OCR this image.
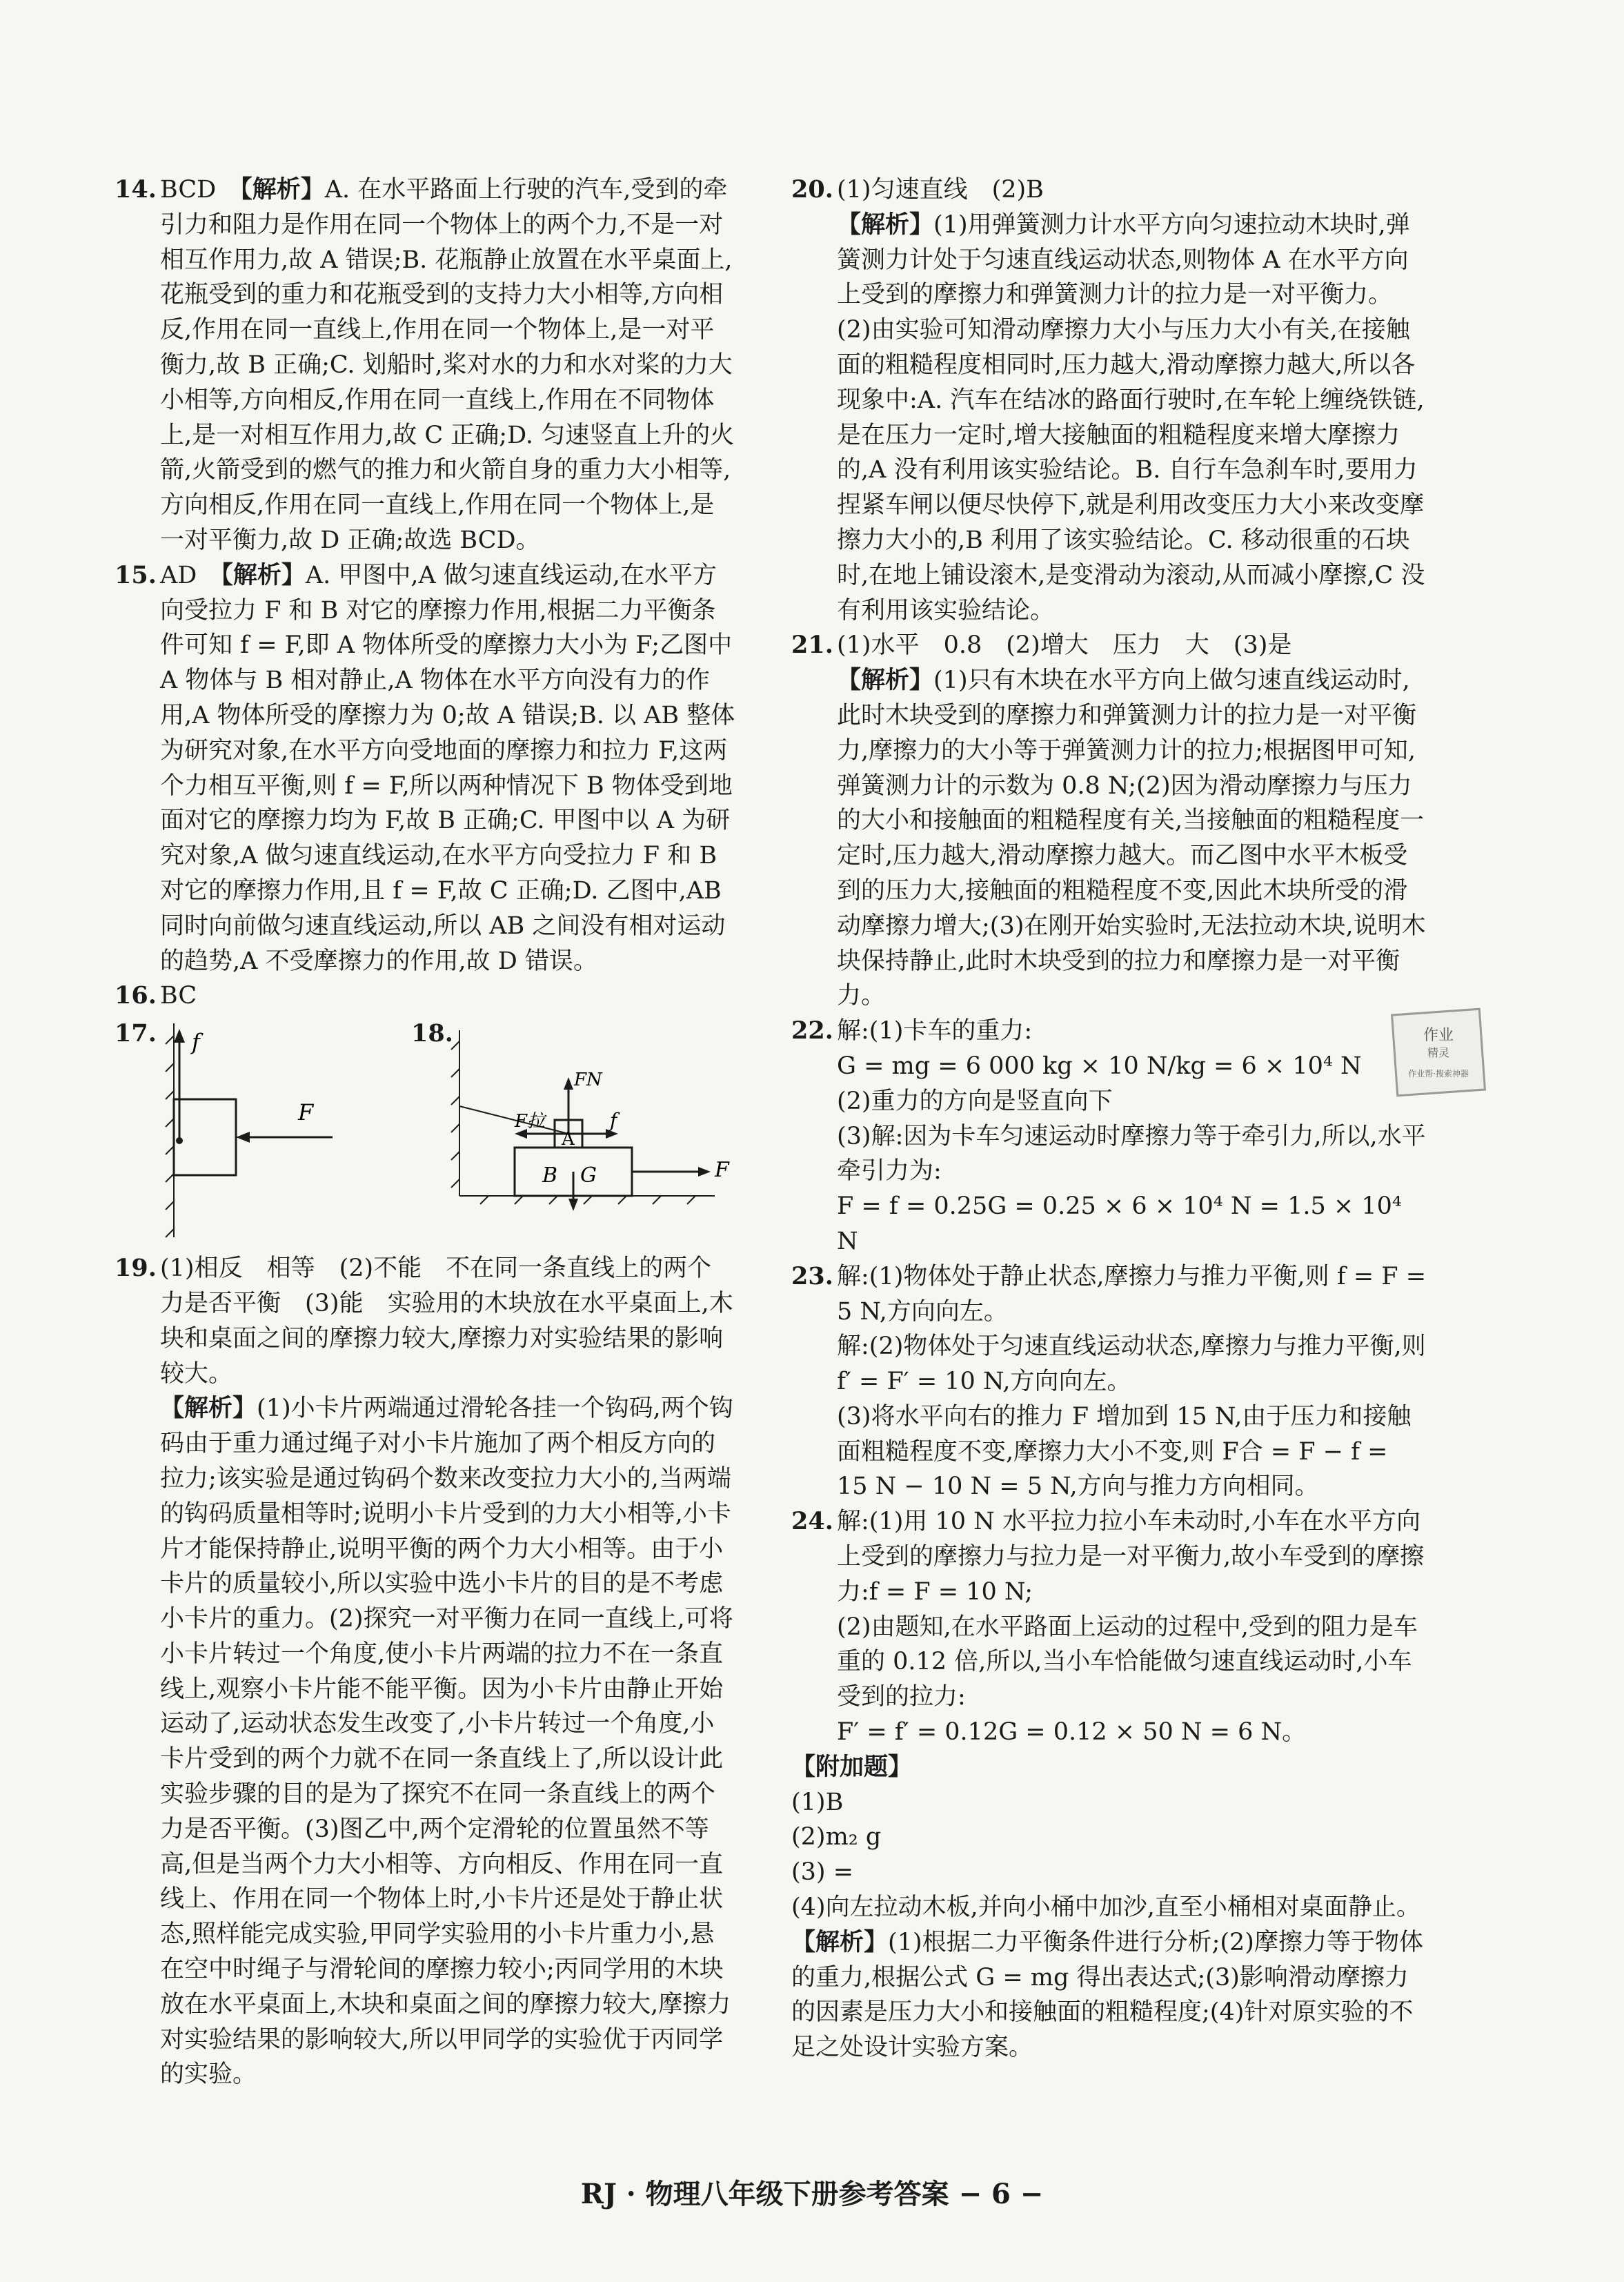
14. BCD　 【解析】A. 在水平路面上行驶的汽车,受到的牵引力和阻力是作用在同一个物体上的两个力,不是一对相互作用力,故 A 错误;B. 花瓶静止放置在水平桌面上,花瓶受到的重力和花瓶受到的支持力大小相等,方向相反,作用在同一直线上,作用在同一个物体上,是一对平衡力,故 B 正确;C. 划船时,桨对水的力和水对桨的力大小相等,方向相反,作用在同一直线上,作用在不同物体上,是一对相互作用力,故 C 正确;D. 匀速竖直上升的火箭,火箭受到的燃气的推力和火箭自身的重力大小相等,方向相反,作用在同一直线上,作用在同一个物体上,是一对平衡力,故 D 正确;故选 BCD。

15. AD　 【解析】A. 甲图中,A 做匀速直线运动,在水平方向受拉力 F 和 B 对它的摩擦力作用,根据二力平衡条件可知 f = F,即 A 物体所受的摩擦力大小为 F;乙图中 A 物体与 B 相对静止,A 物体在水平方向没有力的作用,A 物体所受的摩擦力为 0;故 A 错误;B. 以 AB 整体为研究对象,在水平方向受地面的摩擦力和拉力 F,这两个力相互平衡,则 f = F,所以两种情况下 B 物体受到地面对它的摩擦力均为 F,故 B 正确;C. 甲图中以 A 为研究对象,A 做匀速直线运动,在水平方向受拉力 F 和 B 对它的摩擦力作用,且 f = F,故 C 正确;D. 乙图中,AB 同时向前做匀速直线运动,所以 AB 之间没有相对运动的趋势,A 不受摩擦力的作用,故 D 错误。

16. BC

17. f
F
18.
F拉
FN
f
A
B G	F
19. (1)相反　相等　(2)不能　不在同一条直线上的两个力是否平衡　(3)能　实验用的木块放在水平桌面上,木块和桌面之间的摩擦力较大,摩擦力对实验结果的影响较大。

【解析】(1)小卡片两端通过滑轮各挂一个钩码,两个钩码由于重力通过绳子对小卡片施加了两个相反方向的拉力;该实验是通过钩码个数来改变拉力大小的,当两端的钩码质量相等时;说明小卡片受到的力大小相等,小卡片才能保持静止,说明平衡的两个力大小相等。由于小卡片的质量较小,所以实验中选小卡片的目的是不考虑小卡片的重力。(2)探究一对平衡力在同一直线上,可将小卡片转过一个角度,使小卡片两端的拉力不在一条直线上,观察小卡片能不能平衡。因为小卡片由静止开始运动了,运动状态发生改变了,小卡片转过一个角度,小卡片受到的两个力就不在同一条直线上了,所以设计此实验步骤的目的是为了探究不在同一条直线上的两个力是否平衡。(3)图乙中,两个定滑轮的位置虽然不等高,但是当两个力大小相等、方向相反、作用在同一直线上、作用在同一个物体上时,小卡片还是处于静止状态,照样能完成实验,甲同学实验用的小卡片重力小,悬在空中时绳子与滑轮间的摩擦力较小;丙同学用的木块放在水平桌面上,木块和桌面之间的摩擦力较大,摩擦力对实验结果的影响较大,所以甲同学的实验优于丙同学的实验。

20. (1)匀速直线　(2)B

【解析】(1)用弹簧测力计水平方向匀速拉动木块时,弹簧测力计处于匀速直线运动状态,则物体 A 在水平方向上受到的摩擦力和弹簧测力计的拉力是一对平衡力。(2)由实验可知滑动摩擦力大小与压力大小有关,在接触面的粗糙程度相同时,压力越大,滑动摩擦力越大,所以各现象中:A. 汽车在结冰的路面行驶时,在车轮上缠绕铁链,是在压力一定时,增大接触面的粗糙程度来增大摩擦力的,A 没有利用该实验结论。B. 自行车急刹车时,要用力捏紧车闸以便尽快停下,就是利用改变压力大小来改变摩擦力大小的,B 利用了该实验结论。C. 移动很重的石块时,在地上铺设滚木,是变滑动为滚动,从而减小摩擦,C 没有利用该实验结论。

21. (1)水平　0.8　(2)增大　压力　大　(3)是

【解析】(1)只有木块在水平方向上做匀速直线运动时,此时木块受到的摩擦力和弹簧测力计的拉力是一对平衡力,摩擦力的大小等于弹簧测力计的拉力;根据图甲可知,弹簧测力计的示数为 0.8 N;(2)因为滑动摩擦力与压力的大小和接触面的粗糙程度有关,当接触面的粗糙程度一定时,压力越大,滑动摩擦力越大。而乙图中水平木板受到的压力大,接触面的粗糙程度不变,因此木块所受的滑动摩擦力增大;(3)在刚开始实验时,无法拉动木块,说明木块保持静止,此时木块受到的拉力和摩擦力是一对平衡力。

22. 解:(1)卡车的重力:

G = mg = 6 000 kg × 10 N/kg = 6 × 10⁴ N

(2)重力的方向是竖直向下

(3)解:因为卡车匀速运动时摩擦力等于牵引力,所以,水平牵引力为:

F = f = 0.25G = 0.25 × 6 × 10⁴ N = 1.5 × 10⁴ N

23. 解:(1)物体处于静止状态,摩擦力与推力平衡,则 f = F = 5 N,方向向左。

解:(2)物体处于匀速直线运动状态,摩擦力与推力平衡,则 f′ = F′ = 10 N,方向向左。

(3)将水平向右的推力 F 增加到 15 N,由于压力和接触面粗糙程度不变,摩擦力大小不变,则 F合 = F − f = 15 N − 10 N = 5 N,方向与推力方向相同。

24. 解:(1)用 10 N 水平拉力拉小车未动时,小车在水平方向上受到的摩擦力与拉力是一对平衡力,故小车受到的摩擦力:f = F = 10 N;

(2)由题知,在水平路面上运动的过程中,受到的阻力是车重的 0.12 倍,所以,当小车恰能做匀速直线运动时,小车受到的拉力:

F′ = f′ = 0.12G = 0.12 × 50 N = 6 N。

【附加题】

(1)B

(2)m₂ g

(3) =

(4)向左拉动木板,并向小桶中加沙,直至小桶相对桌面静止。

【解析】(1)根据二力平衡条件进行分析;(2)摩擦力等于物体的重力,根据公式 G = mg 得出表达式;(3)影响滑动摩擦力的因素是压力大小和接触面的粗糙程度;(4)针对原实验的不足之处设计实验方案。

作业
精灵
作业帮·搜索神器
RJ · 物理八年级下册参考答案 − 6 −
